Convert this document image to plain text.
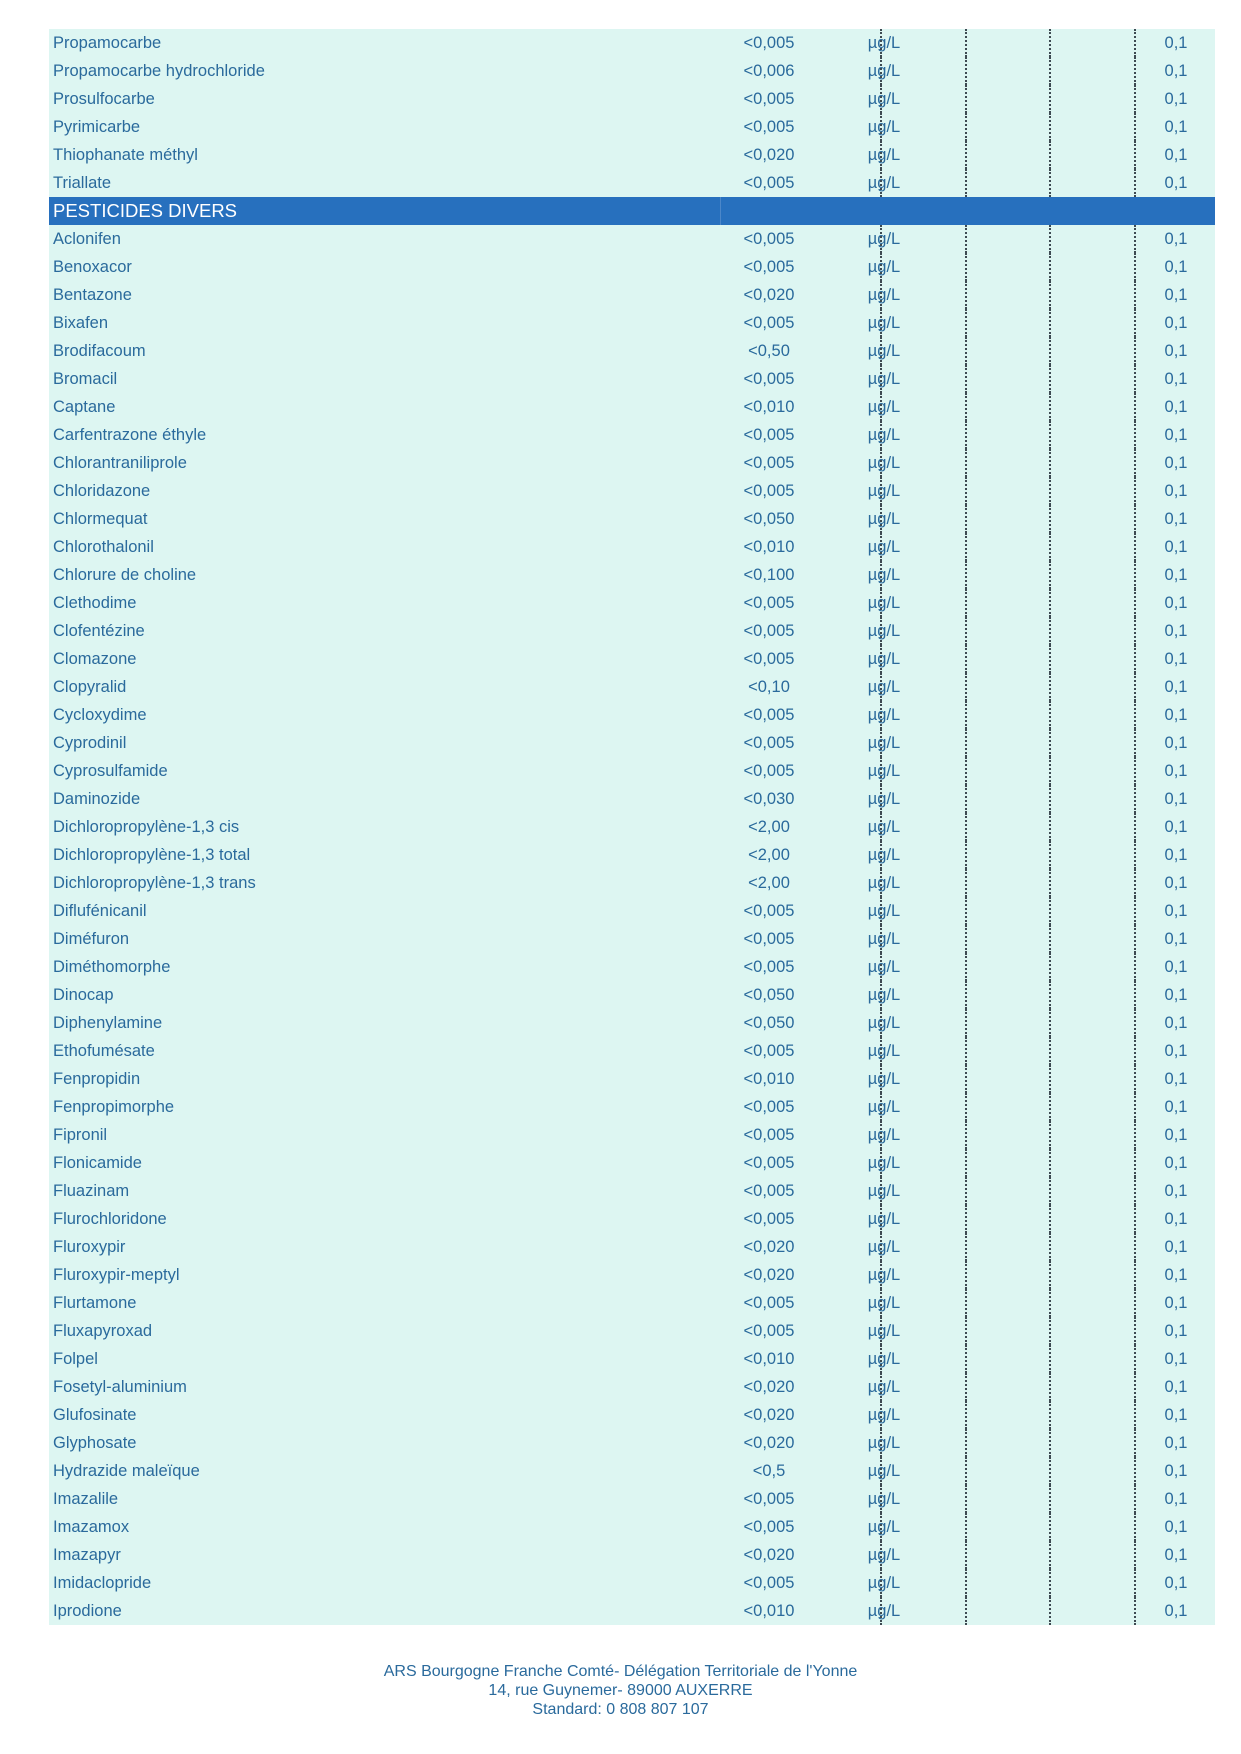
Propamocarbe	<0,005	µg/L	0,1
Propamocarbe hydrochloride	<0,006	µg/L	0,1
Prosulfocarbe	<0,005	µg/L	0,1
Pyrimicarbe	<0,005	µg/L	0,1
Thiophanate méthyl	<0,020	µg/L	0,1
Triallate	<0,005	µg/L	0,1
PESTICIDES DIVERS
Aclonifen	<0,005	µg/L	0,1
Benoxacor	<0,005	µg/L	0,1
Bentazone	<0,020	µg/L	0,1
Bixafen	<0,005	µg/L	0,1
Brodifacoum	<0,50	µg/L	0,1
Bromacil	<0,005	µg/L	0,1
Captane	<0,010	µg/L	0,1
Carfentrazone éthyle	<0,005	µg/L	0,1
Chlorantraniliprole	<0,005	µg/L	0,1
Chloridazone	<0,005	µg/L	0,1
Chlormequat	<0,050	µg/L	0,1
Chlorothalonil	<0,010	µg/L	0,1
Chlorure de choline	<0,100	µg/L	0,1
Clethodime	<0,005	µg/L	0,1
Clofentézine	<0,005	µg/L	0,1
Clomazone	<0,005	µg/L	0,1
Clopyralid	<0,10	µg/L	0,1
Cycloxydime	<0,005	µg/L	0,1
Cyprodinil	<0,005	µg/L	0,1
Cyprosulfamide	<0,005	µg/L	0,1
Daminozide	<0,030	µg/L	0,1
Dichloropropylène-1,3 cis	<2,00	µg/L	0,1
Dichloropropylène-1,3 total	<2,00	µg/L	0,1
Dichloropropylène-1,3 trans	<2,00	µg/L	0,1
Diflufénicanil	<0,005	µg/L	0,1
Diméfuron	<0,005	µg/L	0,1
Diméthomorphe	<0,005	µg/L	0,1
Dinocap	<0,050	µg/L	0,1
Diphenylamine	<0,050	µg/L	0,1
Ethofumésate	<0,005	µg/L	0,1
Fenpropidin	<0,010	µg/L	0,1
Fenpropimorphe	<0,005	µg/L	0,1
Fipronil	<0,005	µg/L	0,1
Flonicamide	<0,005	µg/L	0,1
Fluazinam	<0,005	µg/L	0,1
Flurochloridone	<0,005	µg/L	0,1
Fluroxypir	<0,020	µg/L	0,1
Fluroxypir-meptyl	<0,020	µg/L	0,1
Flurtamone	<0,005	µg/L	0,1
Fluxapyroxad	<0,005	µg/L	0,1
Folpel	<0,010	µg/L	0,1
Fosetyl-aluminium	<0,020	µg/L	0,1
Glufosinate	<0,020	µg/L	0,1
Glyphosate	<0,020	µg/L	0,1
Hydrazide maleïque	<0,5	µg/L	0,1
Imazalile	<0,005	µg/L	0,1
Imazamox	<0,005	µg/L	0,1
Imazapyr	<0,020	µg/L	0,1
Imidaclopride	<0,005	µg/L	0,1
Iprodione	<0,010	µg/L	0,1
ARS Bourgogne Franche Comté- Délégation Territoriale de l'Yonne
14, rue Guynemer- 89000 AUXERRE
Standard: 0 808 807 107
